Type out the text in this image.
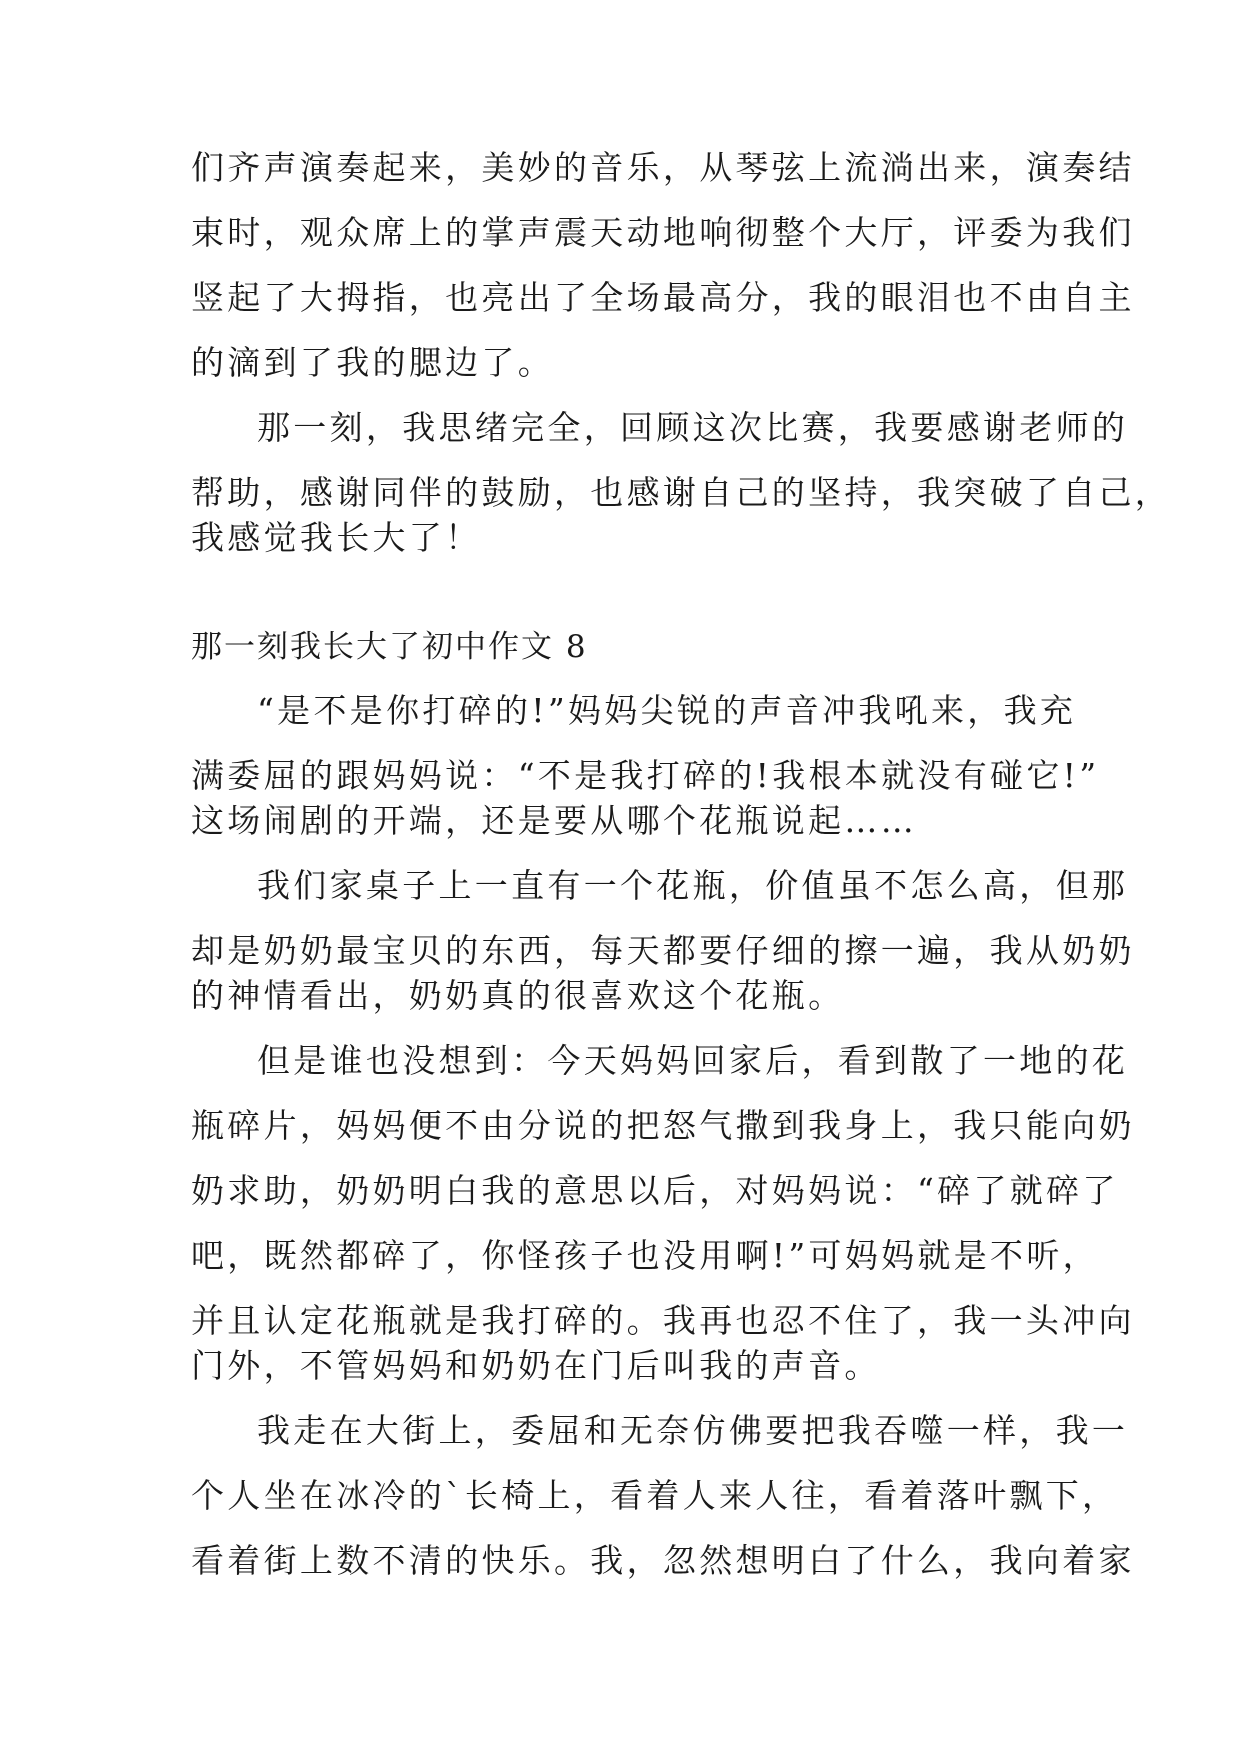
们齐声演奏起来，美妙的音乐，从琴弦上流淌出来，演奏结
束时，观众席上的掌声震天动地响彻整个大厅，评委为我们
竖起了大拇指，也亮出了全场最高分，我的眼泪也不由自主
的滴到了我的腮边了。
那一刻，我思绪完全，回顾这次比赛，我要感谢老师的
帮助，感谢同伴的鼓励，也感谢自己的坚持，我突破了自己，
我感觉我长大了！
那一刻我长大了初中作文 8
“是不是你打碎的!”妈妈尖锐的声音冲我吼来，我充
满委屈的跟妈妈说：“不是我打碎的!我根本就没有碰它!”
这场闹剧的开端，还是要从哪个花瓶说起……
我们家桌子上一直有一个花瓶，价值虽不怎么高，但那
却是奶奶最宝贝的东西，每天都要仔细的擦一遍，我从奶奶
的神情看出，奶奶真的很喜欢这个花瓶。
但是谁也没想到：今天妈妈回家后，看到散了一地的花
瓶碎片，妈妈便不由分说的把怒气撒到我身上，我只能向奶
奶求助，奶奶明白我的意思以后，对妈妈说：“碎了就碎了
吧，既然都碎了，你怪孩子也没用啊!”可妈妈就是不听，
并且认定花瓶就是我打碎的。我再也忍不住了，我一头冲向
门外，不管妈妈和奶奶在门后叫我的声音。
我走在大街上，委屈和无奈仿佛要把我吞噬一样，我一
个人坐在冰冷的`长椅上，看着人来人往，看着落叶飘下，
看着街上数不清的快乐。我，忽然想明白了什么，我向着家
